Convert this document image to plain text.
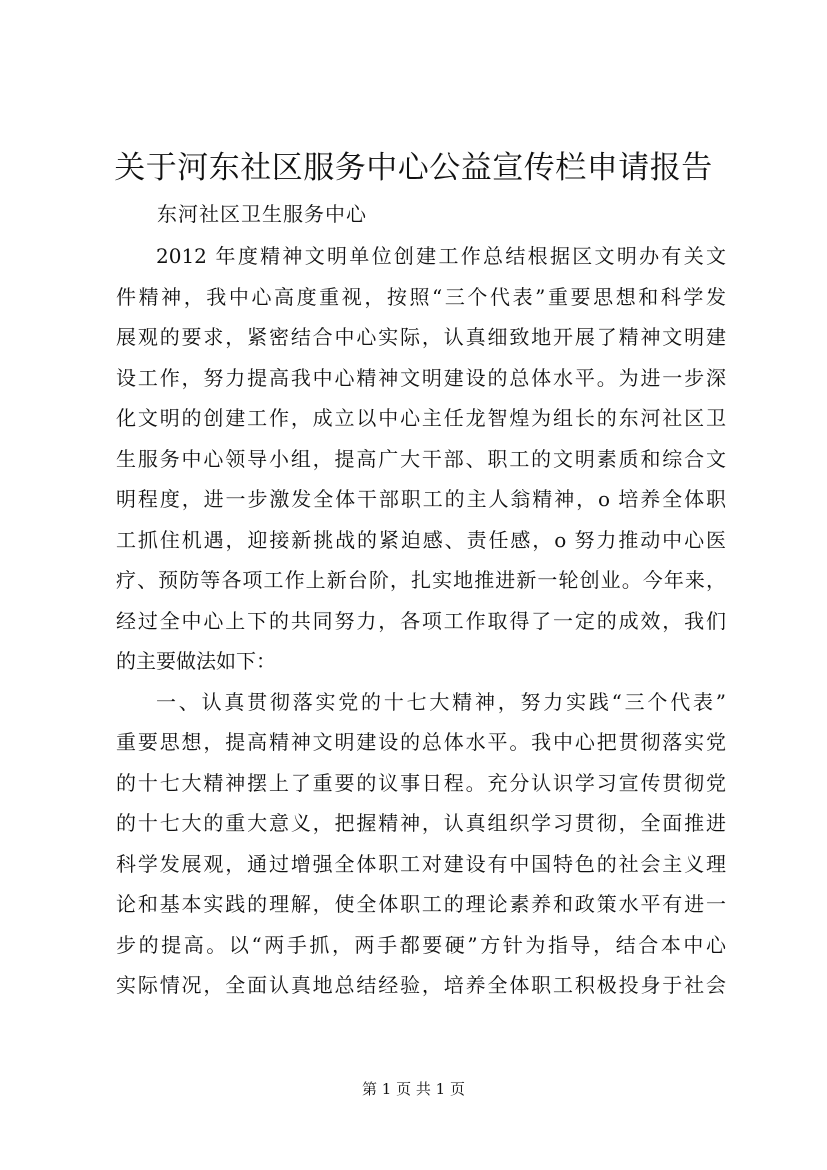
关于河东社区服务中心公益宣传栏申请报告
东河社区卫生服务中心
2012 年度精神文明单位创建工作总结根据区文明办有关文
件精神，我中心高度重视，按照“三个代表”重要思想和科学发
展观的要求，紧密结合中心实际，认真细致地开展了精神文明建
设工作，努力提高我中心精神文明建设的总体水平。为进一步深
化文明的创建工作，成立以中心主任龙智煌为组长的东河社区卫
生服务中心领导小组，提高广大干部、职工的文明素质和综合文
明程度，进一步激发全体干部职工的主人翁精神，o 培养全体职
工抓住机遇，迎接新挑战的紧迫感、责任感，o 努力推动中心医
疗、预防等各项工作上新台阶，扎实地推进新一轮创业。今年来，
经过全中心上下的共同努力，各项工作取得了一定的成效，我们
的主要做法如下：
一、认真贯彻落实党的十七大精神，努力实践“三个代表”
重要思想，提高精神文明建设的总体水平。我中心把贯彻落实党
的十七大精神摆上了重要的议事日程。充分认识学习宣传贯彻党
的十七大的重大意义，把握精神，认真组织学习贯彻，全面推进
科学发展观，通过增强全体职工对建设有中国特色的社会主义理
论和基本实践的理解，使全体职工的理论素养和政策水平有进一
步的提高。以“两手抓，两手都要硬”方针为指导，结合本中心
实际情况，全面认真地总结经验，培养全体职工积极投身于社会
第 1 页 共 1 页
